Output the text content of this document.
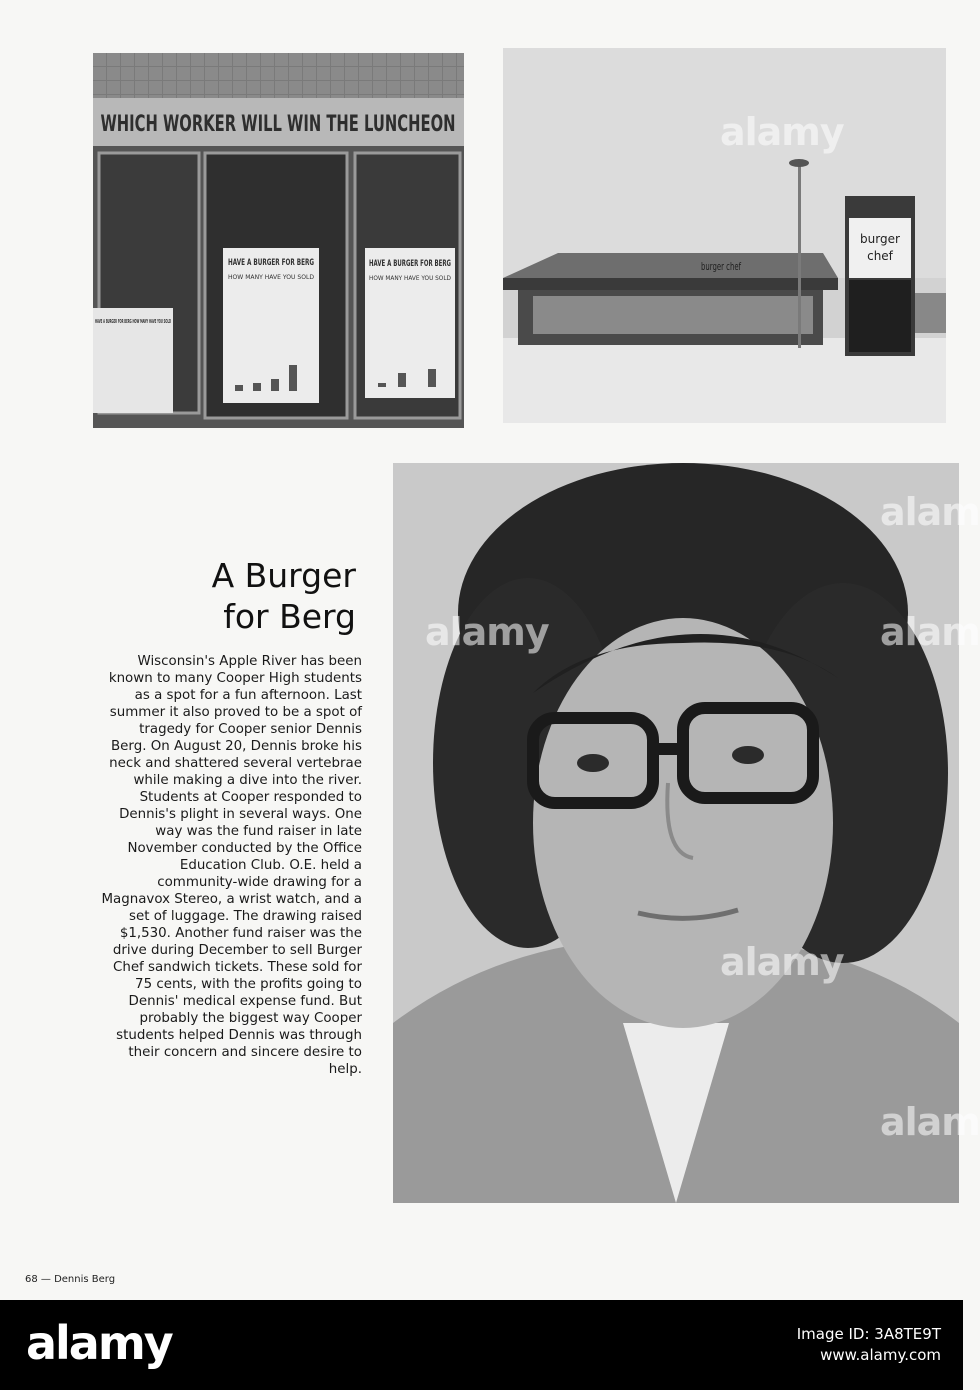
WHICH WORKER WILL WIN THE LUNCHEON
HAVE A BURGER FOR BERG HOW MANY HAVE YOU SOLD
HAVE A BURGER FOR BERG
HOW MANY HAVE YOU SOLD
HAVE A BURGER FOR BERG
HOW MANY HAVE YOU SOLD
burger chef
burger
chef
alamy
alam
alamy	alam
alamy
alam
A Burger
for Berg

Wisconsin's Apple River has been known to many Cooper High students as a spot for a fun afternoon. Last summer it also proved to be a spot of tragedy for Cooper senior Dennis Berg. On August 20, Dennis broke his neck and shattered several vertebrae while making a dive into the river. Students at Cooper responded to Dennis's plight in several ways. One way was the fund raiser in late November conducted by the Office Education Club. O.E. held a community-wide drawing for a Magnavox Stereo, a wrist watch, and a set of luggage. The drawing raised $1,530. Another fund raiser was the drive during December to sell Burger Chef sandwich tickets. These sold for 75 cents, with the profits going to Dennis' medical expense fund. But probably the biggest way Cooper students helped Dennis was through their concern and sincere desire to help.

68 — Dennis Berg
alamy	Image ID: 3A8TE9T
www.alamy.com
